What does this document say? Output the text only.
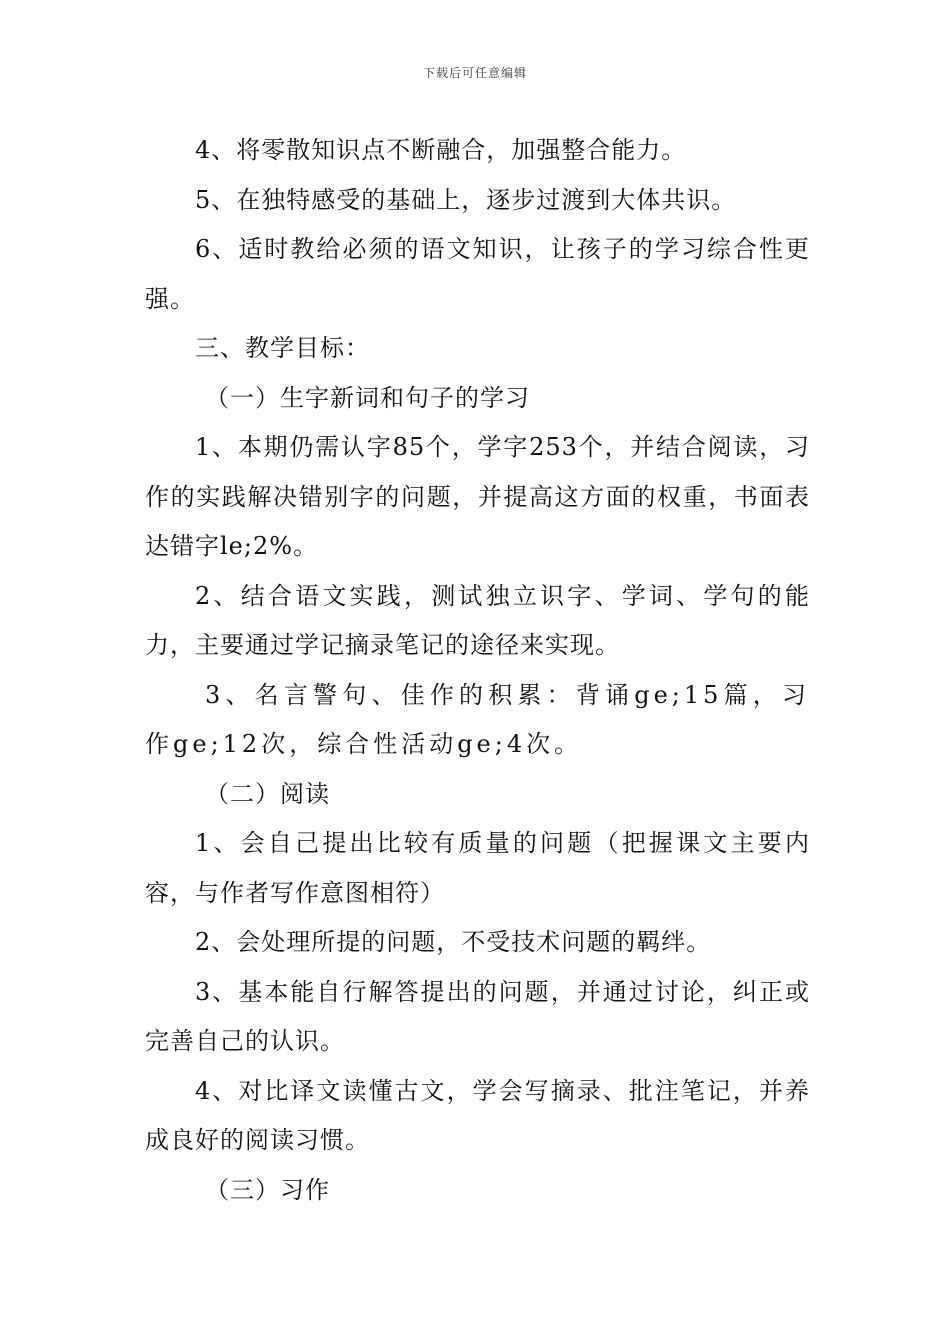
下载后可任意编辑

4、将零散知识点不断融合，加强整合能力。

5、在独特感受的基础上，逐步过渡到大体共识。

6、适时教给必须的语文知识，让孩子的学习综合性更强。

三、教学目标：

（一）生字新词和句子的学习

1、本期仍需认字85个，学字253个，并结合阅读，习作的实践解决错别字的问题，并提高这方面的权重，书面表达错字le;2%。

2、结合语文实践，测试独立识字、学词、学句的能力，主要通过学记摘录笔记的途径来实现。

3、名言警句、佳作的积累：背诵ge;15篇，习作ge;12次，综合性活动ge;4次。

（二）阅读

1、会自己提出比较有质量的问题（把握课文主要内容，与作者写作意图相符）

2、会处理所提的问题，不受技术问题的羁绊。

3、基本能自行解答提出的问题，并通过讨论，纠正或完善自己的认识。

4、对比译文读懂古文，学会写摘录、批注笔记，并养成良好的阅读习惯。

（三）习作
